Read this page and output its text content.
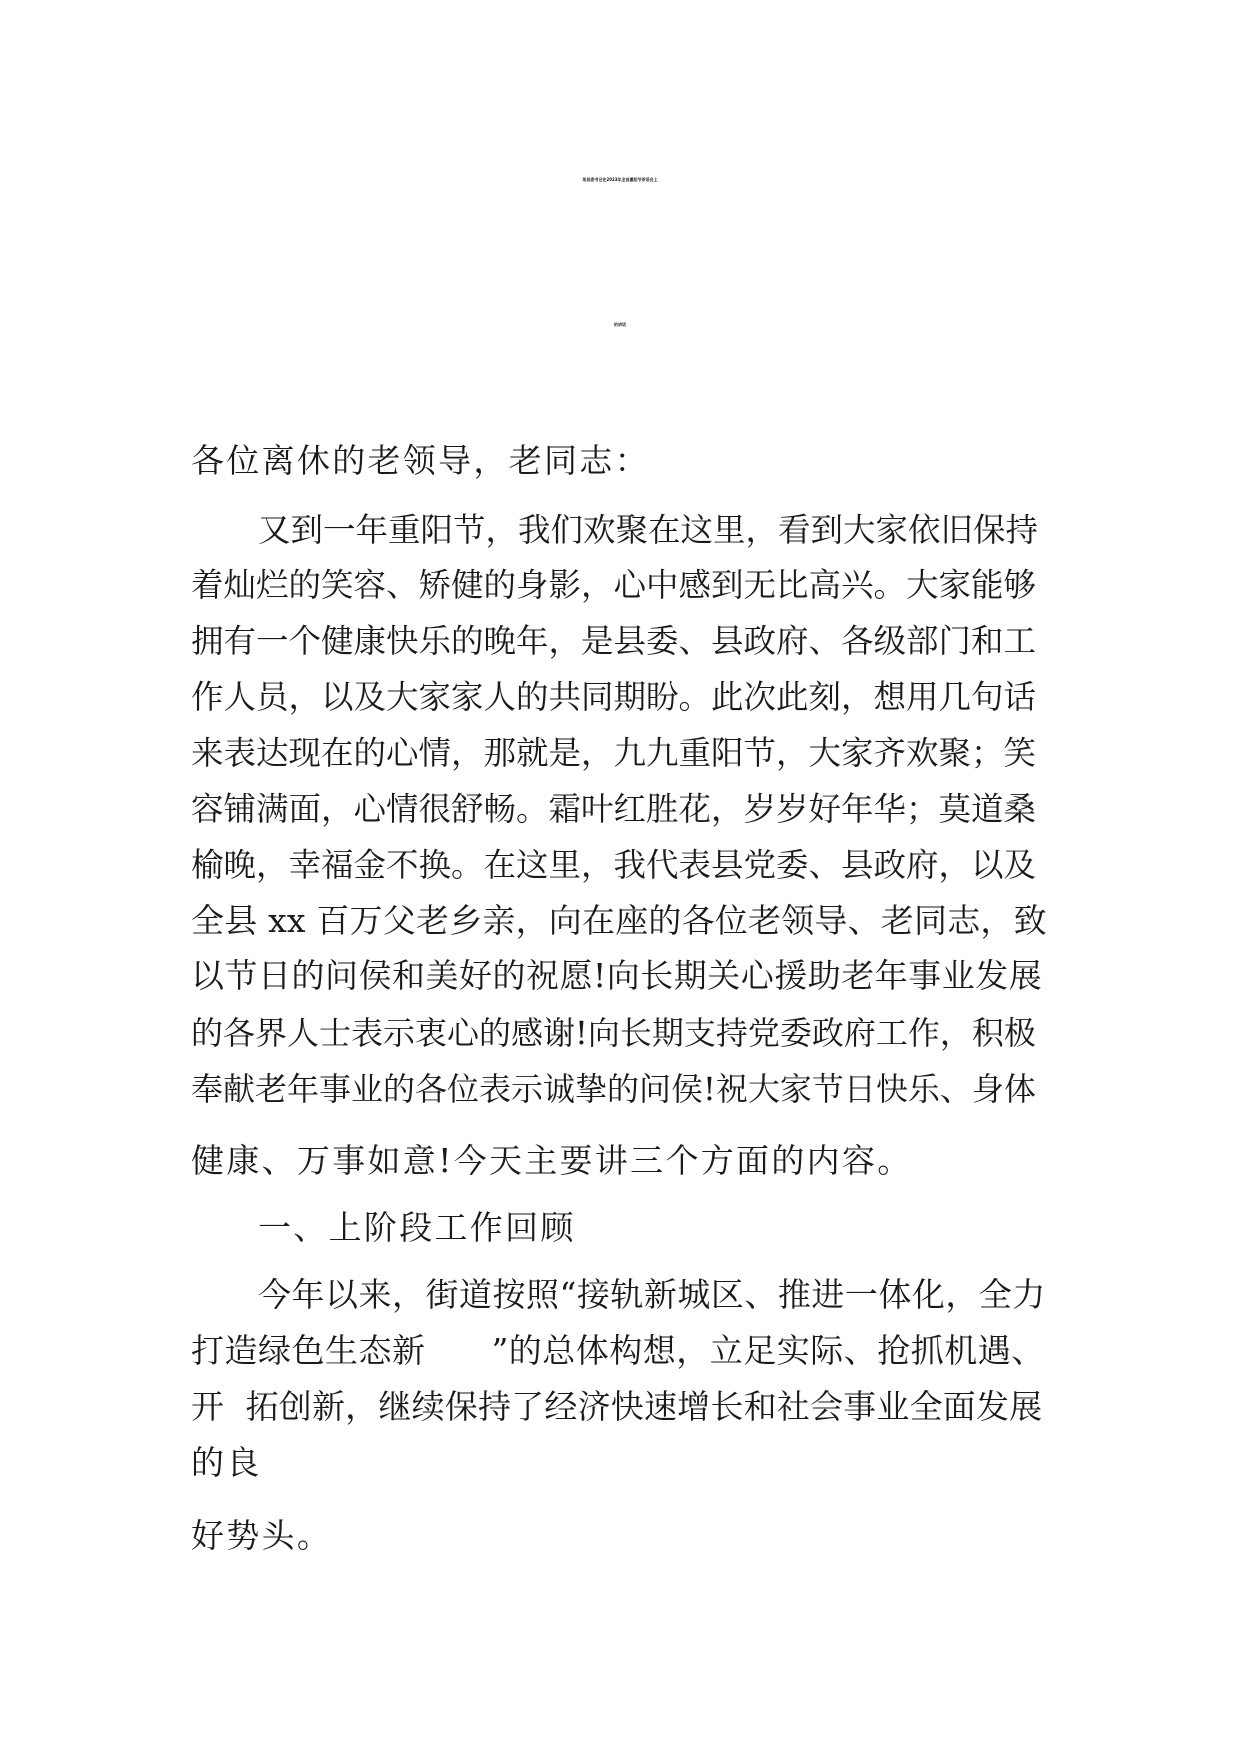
某县委书记在2023年全县重阳节茶话会上
的讲话
各位离休的老领导，老同志：
又到一年重阳节，我们欢聚在这里，看到大家依旧保持
着灿烂的笑容、矫健的身影，心中感到无比高兴。大家能够
拥有一个健康快乐的晚年，是县委、县政府、各级部门和工
作人员，以及大家家人的共同期盼。此次此刻，想用几句话
来表达现在的心情，那就是，九九重阳节，大家齐欢聚；笑
容铺满面，心情很舒畅。霜叶红胜花，岁岁好年华；莫道桑
榆晚，幸福金不换。在这里，我代表县党委、县政府，以及
全县 xx 百万父老乡亲，向在座的各位老领导、老同志，致
以节日的问侯和美好的祝愿!向长期关心援助老年事业发展
的各界人士表示衷心的感谢!向长期支持党委政府工作，积极
奉献老年事业的各位表示诚挚的问侯!祝大家节日快乐、身体
健康、万事如意!今天主要讲三个方面的内容。
一、上阶段工作回顾
今年以来，街道按照“接轨新城区、推进一体化，全力
打造绿色生态新      ”的总体构想，立足实际、抢抓机遇、
开  拓创新，继续保持了经济快速增长和社会事业全面发展
的良
好势头。
